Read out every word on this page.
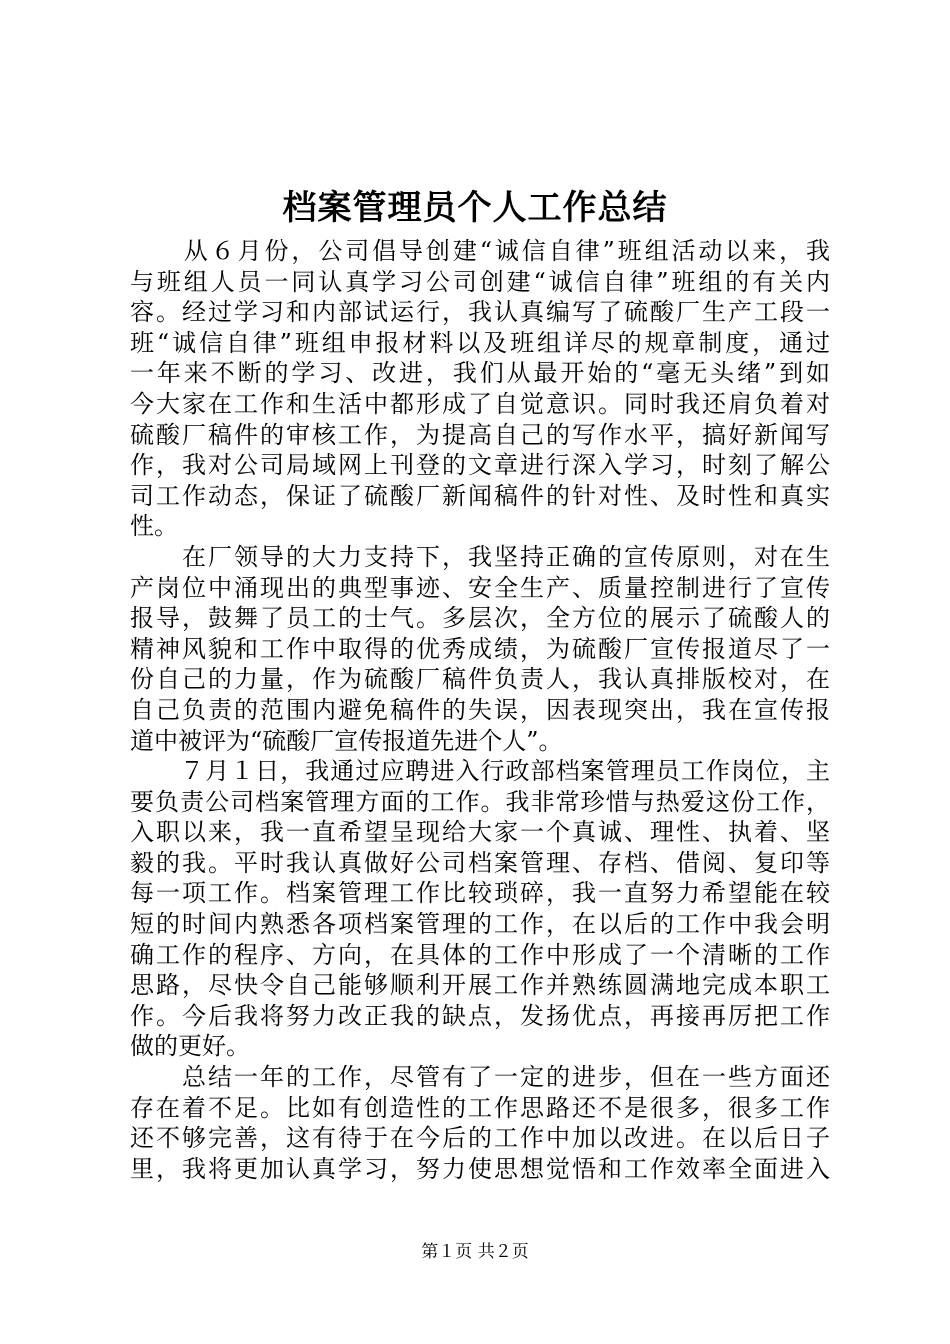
档案管理员个人工作总结
　　从６月份，公司倡导创建“诚信自律”班组活动以来，我
与班组人员一同认真学习公司创建“诚信自律”班组的有关内
容。经过学习和内部试运行，我认真编写了硫酸厂生产工段一
班“诚信自律”班组申报材料以及班组详尽的规章制度，通过
一年来不断的学习、改进，我们从最开始的“毫无头绪”到如
今大家在工作和生活中都形成了自觉意识。同时我还肩负着对
硫酸厂稿件的审核工作，为提高自己的写作水平，搞好新闻写
作，我对公司局域网上刊登的文章进行深入学习，时刻了解公
司工作动态，保证了硫酸厂新闻稿件的针对性、及时性和真实
性。
　　在厂领导的大力支持下，我坚持正确的宣传原则，对在生
产岗位中涌现出的典型事迹、安全生产、质量控制进行了宣传
报导，鼓舞了员工的士气。多层次，全方位的展示了硫酸人的
精神风貌和工作中取得的优秀成绩，为硫酸厂宣传报道尽了一
份自己的力量，作为硫酸厂稿件负责人，我认真排版校对，在
自己负责的范围内避免稿件的失误，因表现突出，我在宣传报
道中被评为“硫酸厂宣传报道先进个人”。
　　７月１日，我通过应聘进入行政部档案管理员工作岗位，主
要负责公司档案管理方面的工作。我非常珍惜与热爱这份工作，
入职以来，我一直希望呈现给大家一个真诚、理性、执着、坚
毅的我。平时我认真做好公司档案管理、存档、借阅、复印等
每一项工作。档案管理工作比较琐碎，我一直努力希望能在较
短的时间内熟悉各项档案管理的工作，在以后的工作中我会明
确工作的程序、方向，在具体的工作中形成了一个清晰的工作
思路，尽快令自己能够顺利开展工作并熟练圆满地完成本职工
作。今后我将努力改正我的缺点，发扬优点，再接再厉把工作
做的更好。
　　总结一年的工作，尽管有了一定的进步，但在一些方面还
存在着不足。比如有创造性的工作思路还不是很多，很多工作
还不够完善，这有待于在今后的工作中加以改进。在以后日子
里，我将更加认真学习，努力使思想觉悟和工作效率全面进入
第１页 共２页
